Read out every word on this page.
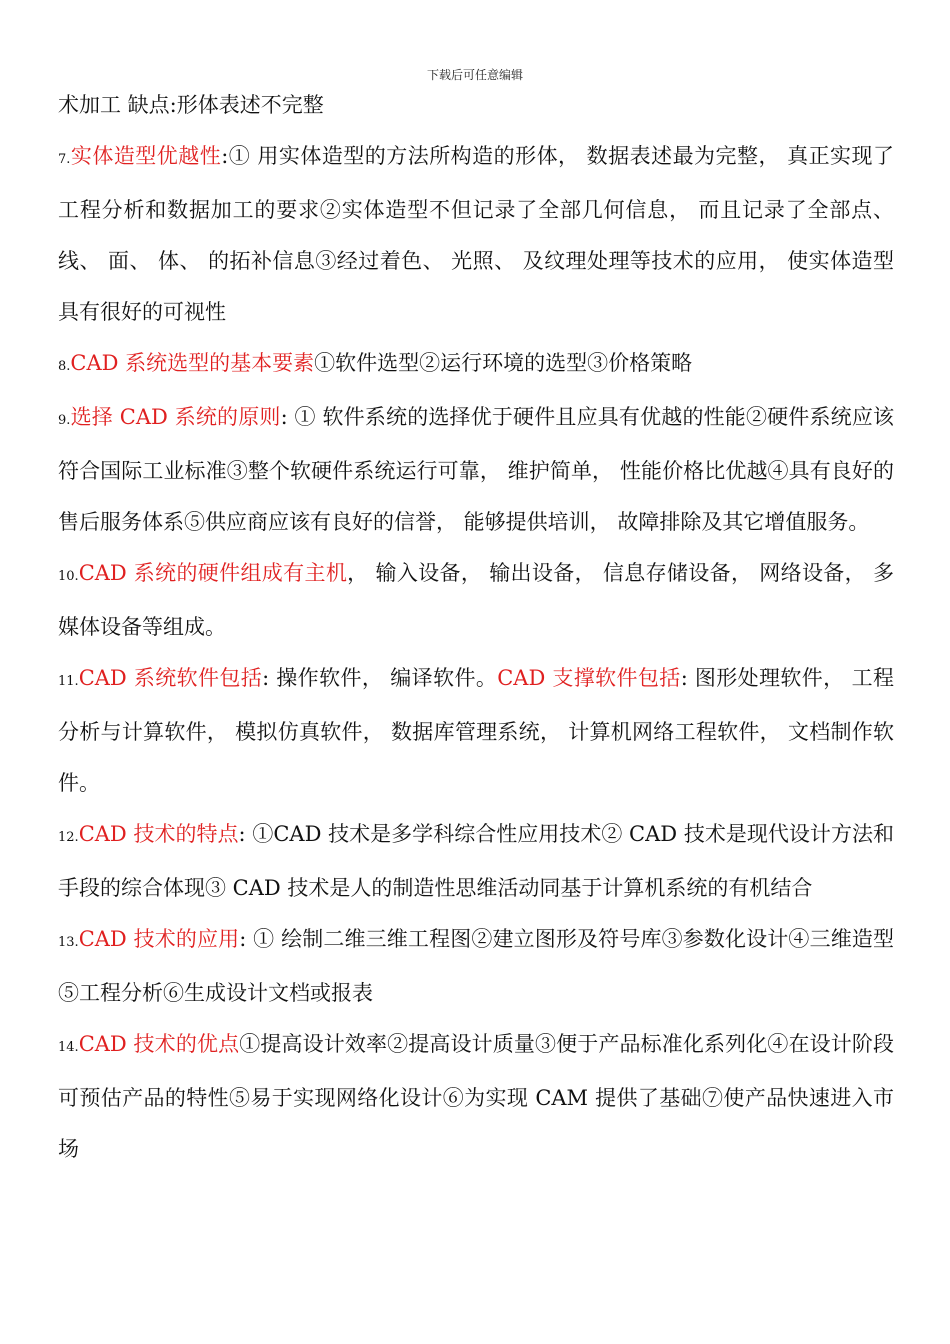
下载后可任意编辑

术加工 缺点:形体表述不完整

7.实体造型优越性:① 用实体造型的方法所构造的形体， 数据表述最为完整， 真正实现了工程分析和数据加工的要求②实体造型不但记录了全部几何信息， 而且记录了全部点、 线、 面、 体、 的拓补信息③经过着色、 光照、 及纹理处理等技术的应用， 使实体造型具有很好的可视性

8.CAD 系统选型的基本要素①软件选型②运行环境的选型③价格策略

9.选择 CAD 系统的原则: ① 软件系统的选择优于硬件且应具有优越的性能②硬件系统应该符合国际工业标准③整个软硬件系统运行可靠， 维护简单， 性能价格比优越④具有良好的售后服务体系⑤供应商应该有良好的信誉， 能够提供培训， 故障排除及其它增值服务。

10.CAD 系统的硬件组成有主机， 输入设备， 输出设备， 信息存储设备， 网络设备， 多媒体设备等组成。

11.CAD 系统软件包括: 操作软件， 编译软件。CAD 支撑软件包括: 图形处理软件， 工程分析与计算软件， 模拟仿真软件， 数据库管理系统， 计算机网络工程软件， 文档制作软件。

12.CAD 技术的特点: ①CAD 技术是多学科综合性应用技术② CAD 技术是现代设计方法和手段的综合体现③ CAD 技术是人的制造性思维活动同基于计算机系统的有机结合

13.CAD 技术的应用: ① 绘制二维三维工程图②建立图形及符号库③参数化设计④三维造型⑤工程分析⑥生成设计文档或报表

14.CAD 技术的优点①提高设计效率②提高设计质量③便于产品标准化系列化④在设计阶段可预估产品的特性⑤易于实现网络化设计⑥为实现 CAM 提供了基础⑦使产品快速进入市场
